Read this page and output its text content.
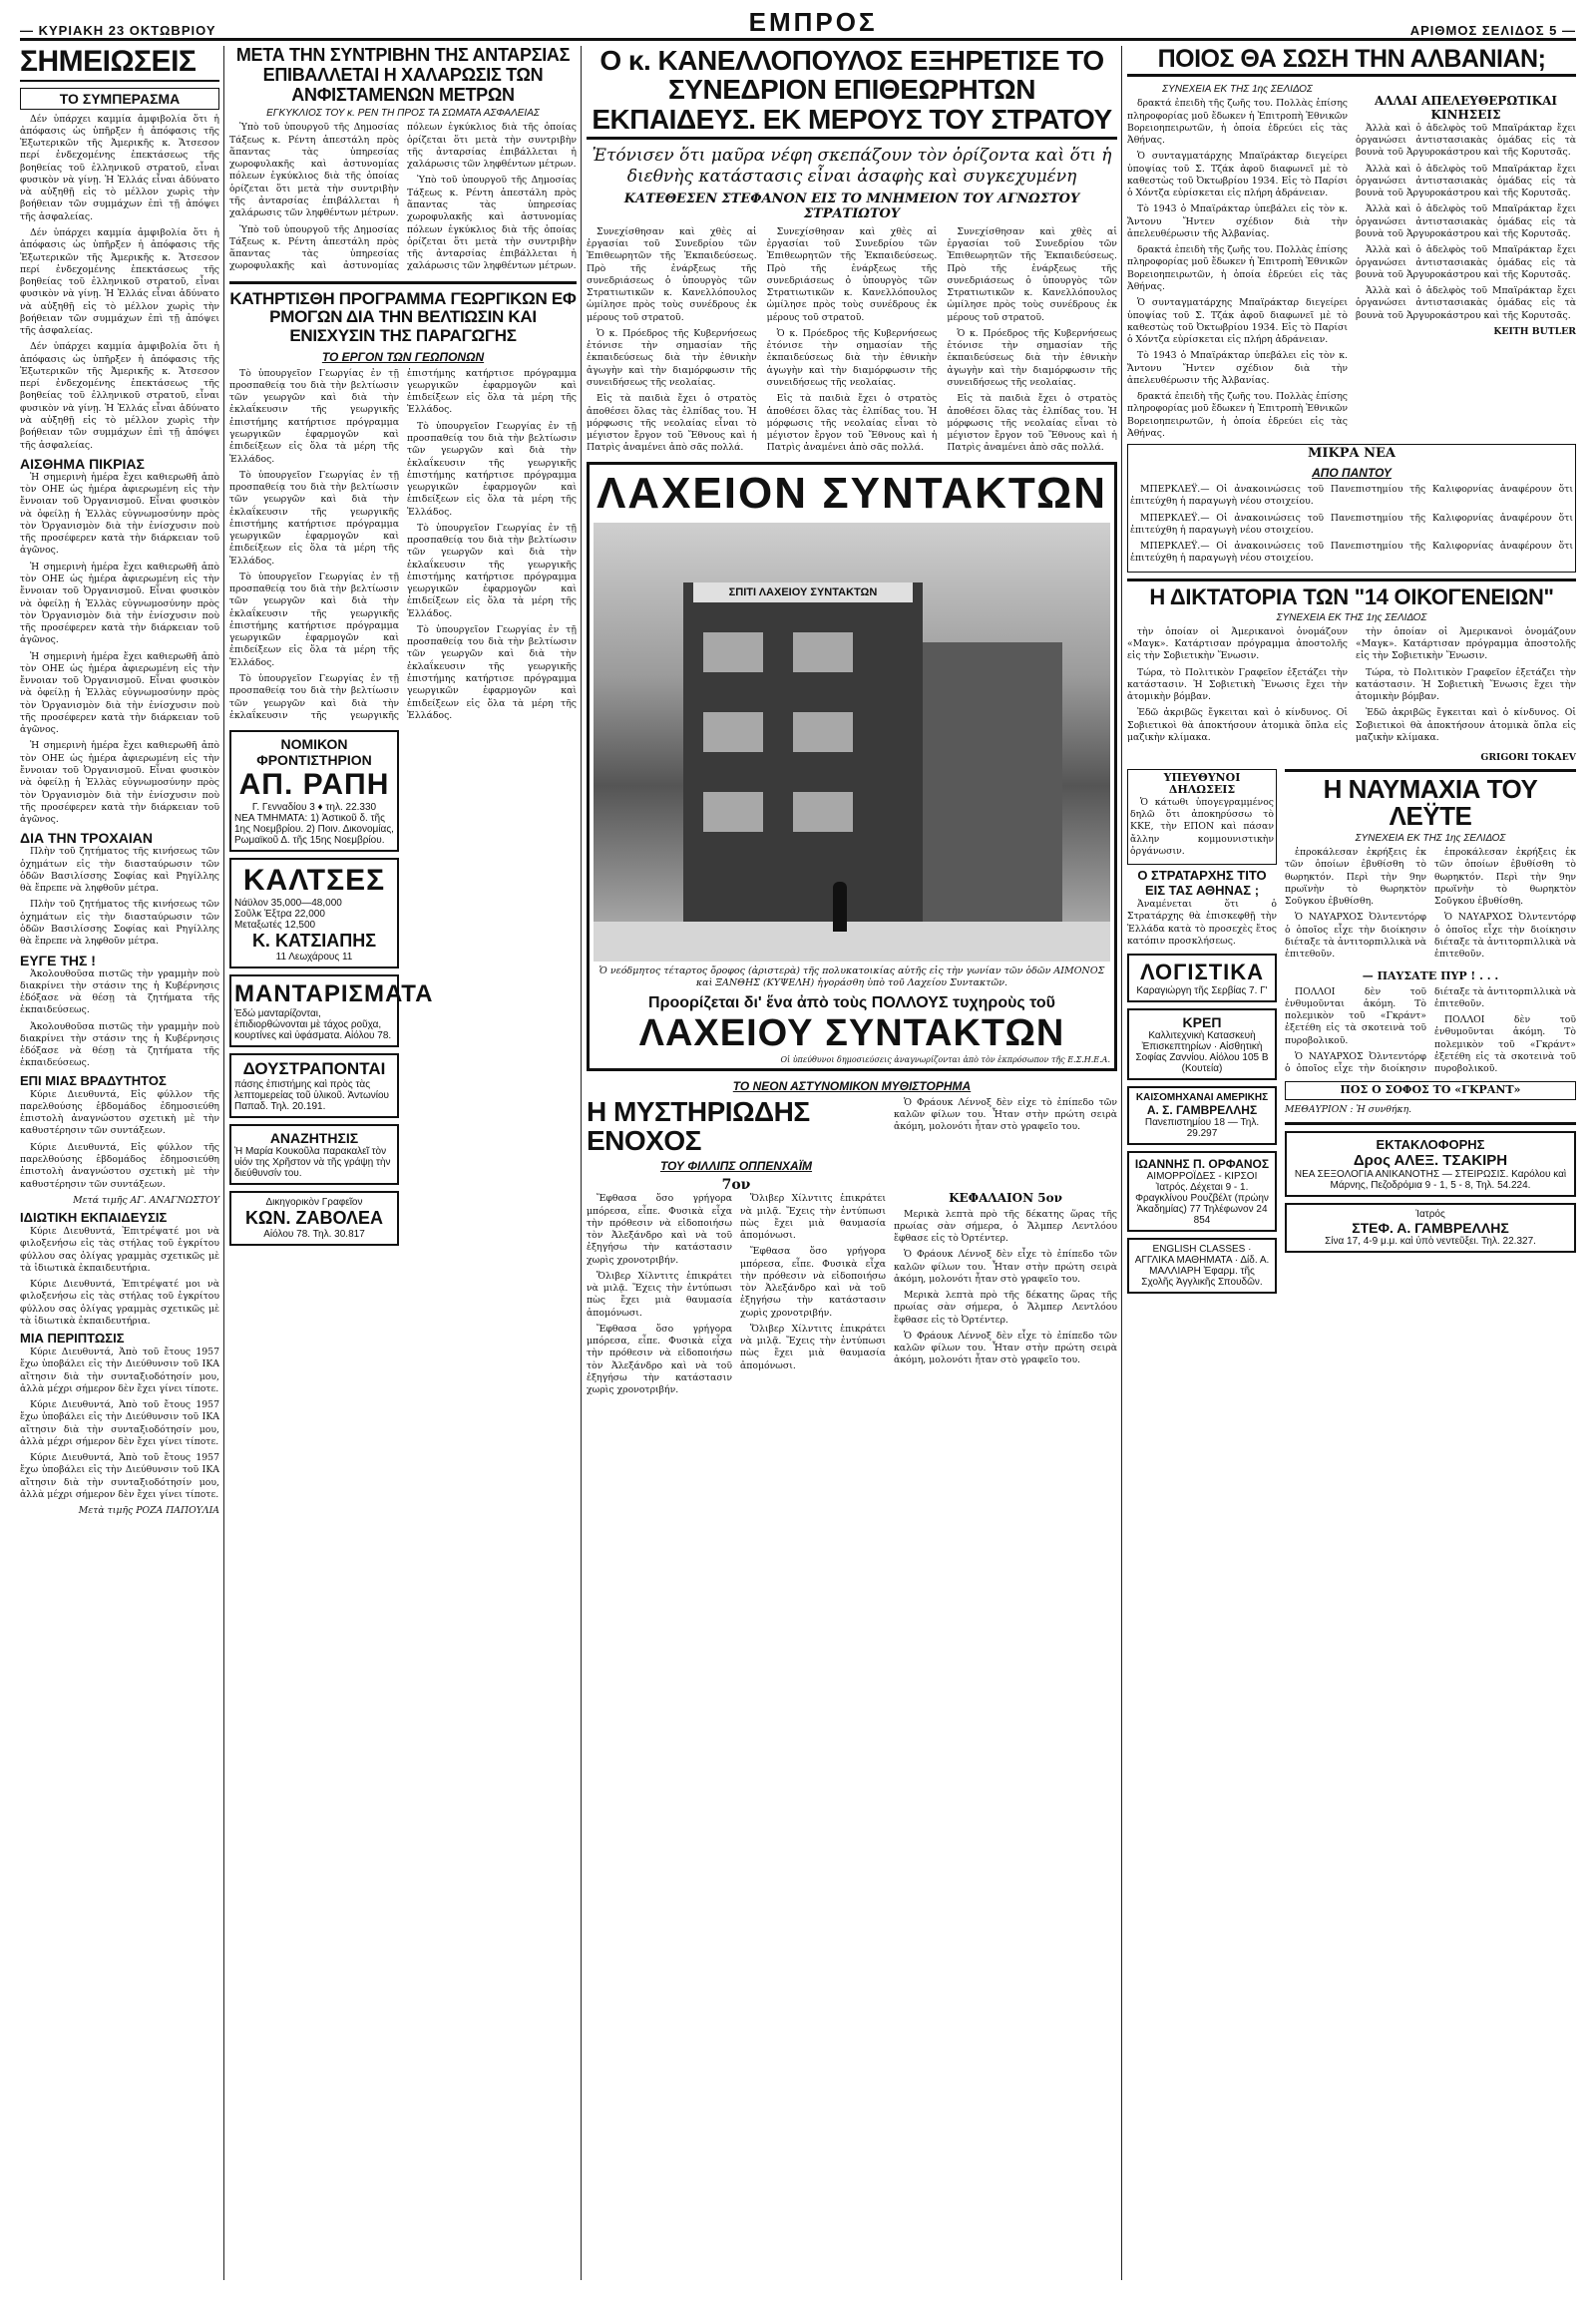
— ΚΥΡΙΑΚΗ 23 ΟΚΤΩΒΡΙΟΥ	ΕΜΠΡΟΣ	ΑΡΙΘΜΟΣ ΣΕΛΙΔΟΣ 5 —
ΣΗΜΕΙΩΣΕΙΣ
ΤΟ ΣΥΜΠΕΡΑΣΜΑ

Δέν ὑπάρχει καμμία ἀμφιβολία ὅτι ἡ ἀπόφασις ὡς ὑπῆρξεν ἡ ἀπόφασις τῆς Ἐξωτερικῶν τῆς Ἀμερικῆς κ. Ἄτσεσον περί ἐνδεχομένης ἐπεκτάσεως τῆς βοηθείας τοῦ ἑλληνικοῦ στρατοῦ, εἶναι φυσικὸν νὰ γίνῃ. Ἡ Ἑλλάς εἶναι ἀδύνατο νὰ αὐξηθῇ εἰς τὸ μέλλον χωρὶς τὴν βοήθειαν τῶν συμμάχων ἐπὶ τῇ ἀπόψει τῆς ἀσφαλείας.

Δέν ὑπάρχει καμμία ἀμφιβολία ὅτι ἡ ἀπόφασις ὡς ὑπῆρξεν ἡ ἀπόφασις τῆς Ἐξωτερικῶν τῆς Ἀμερικῆς κ. Ἄτσεσον περί ἐνδεχομένης ἐπεκτάσεως τῆς βοηθείας τοῦ ἑλληνικοῦ στρατοῦ, εἶναι φυσικὸν νὰ γίνῃ. Ἡ Ἑλλάς εἶναι ἀδύνατο νὰ αὐξηθῇ εἰς τὸ μέλλον χωρὶς τὴν βοήθειαν τῶν συμμάχων ἐπὶ τῇ ἀπόψει τῆς ἀσφαλείας.

Δέν ὑπάρχει καμμία ἀμφιβολία ὅτι ἡ ἀπόφασις ὡς ὑπῆρξεν ἡ ἀπόφασις τῆς Ἐξωτερικῶν τῆς Ἀμερικῆς κ. Ἄτσεσον περί ἐνδεχομένης ἐπεκτάσεως τῆς βοηθείας τοῦ ἑλληνικοῦ στρατοῦ, εἶναι φυσικὸν νὰ γίνῃ. Ἡ Ἑλλάς εἶναι ἀδύνατο νὰ αὐξηθῇ εἰς τὸ μέλλον χωρὶς τὴν βοήθειαν τῶν συμμάχων ἐπὶ τῇ ἀπόψει τῆς ἀσφαλείας.

ΑΙΣΘΗΜΑ ΠΙΚΡΙΑΣ

Ἡ σημερινὴ ἡμέρα ἔχει καθιερωθῆ ἀπὸ τὸν ΟΗΕ ὡς ἡμέρα ἀφιερωμένη εἰς τὴν ἔννοιαν τοῦ Ὀργανισμοῦ. Εἶναι φυσικὸν νὰ ὀφείλῃ ἡ Ἑλλὰς εὐγνωμοσύνην πρὸς τὸν Ὀργανισμὸν διὰ τὴν ἐνίσχυσιν ποὺ τῆς προσέφερεν κατὰ τὴν διάρκειαν τοῦ ἀγῶνος.

Ἡ σημερινὴ ἡμέρα ἔχει καθιερωθῆ ἀπὸ τὸν ΟΗΕ ὡς ἡμέρα ἀφιερωμένη εἰς τὴν ἔννοιαν τοῦ Ὀργανισμοῦ. Εἶναι φυσικὸν νὰ ὀφείλῃ ἡ Ἑλλὰς εὐγνωμοσύνην πρὸς τὸν Ὀργανισμὸν διὰ τὴν ἐνίσχυσιν ποὺ τῆς προσέφερεν κατὰ τὴν διάρκειαν τοῦ ἀγῶνος.

Ἡ σημερινὴ ἡμέρα ἔχει καθιερωθῆ ἀπὸ τὸν ΟΗΕ ὡς ἡμέρα ἀφιερωμένη εἰς τὴν ἔννοιαν τοῦ Ὀργανισμοῦ. Εἶναι φυσικὸν νὰ ὀφείλῃ ἡ Ἑλλὰς εὐγνωμοσύνην πρὸς τὸν Ὀργανισμὸν διὰ τὴν ἐνίσχυσιν ποὺ τῆς προσέφερεν κατὰ τὴν διάρκειαν τοῦ ἀγῶνος.

Ἡ σημερινὴ ἡμέρα ἔχει καθιερωθῆ ἀπὸ τὸν ΟΗΕ ὡς ἡμέρα ἀφιερωμένη εἰς τὴν ἔννοιαν τοῦ Ὀργανισμοῦ. Εἶναι φυσικὸν νὰ ὀφείλῃ ἡ Ἑλλὰς εὐγνωμοσύνην πρὸς τὸν Ὀργανισμὸν διὰ τὴν ἐνίσχυσιν ποὺ τῆς προσέφερεν κατὰ τὴν διάρκειαν τοῦ ἀγῶνος.

ΔΙΑ ΤΗΝ ΤΡΟΧΑΙΑΝ

Πλὴν τοῦ ζητήματος τῆς κινήσεως τῶν ὀχημάτων εἰς τὴν διασταύρωσιν τῶν ὁδῶν Βασιλίσσης Σοφίας καὶ Ρηγίλλης θὰ ἔπρεπε νὰ ληφθοῦν μέτρα.

Πλὴν τοῦ ζητήματος τῆς κινήσεως τῶν ὀχημάτων εἰς τὴν διασταύρωσιν τῶν ὁδῶν Βασιλίσσης Σοφίας καὶ Ρηγίλλης θὰ ἔπρεπε νὰ ληφθοῦν μέτρα.

ΕΥΓΕ ΤΗΣ !

Ἀκολουθοῦσα πιστῶς τὴν γραμμὴν ποὺ διακρίνει τὴν στάσιν της ἡ Κυβέρνησις ἐδόξασε νὰ θέσῃ τὰ ζητήματα τῆς ἐκπαιδεύσεως.

Ἀκολουθοῦσα πιστῶς τὴν γραμμὴν ποὺ διακρίνει τὴν στάσιν της ἡ Κυβέρνησις ἐδόξασε νὰ θέσῃ τὰ ζητήματα τῆς ἐκπαιδεύσεως.

ΕΠΙ ΜΙΑΣ ΒΡΑΔΥΤΗΤΟΣ

Κύριε Διευθυντά, Εἰς φύλλον τῆς παρελθούσης ἑβδομάδος ἐδημοσιεύθη ἐπιστολὴ ἀναγνώστου σχετικὴ μὲ τὴν καθυστέρησιν τῶν συντάξεων.

Κύριε Διευθυντά, Εἰς φύλλον τῆς παρελθούσης ἑβδομάδος ἐδημοσιεύθη ἐπιστολὴ ἀναγνώστου σχετικὴ μὲ τὴν καθυστέρησιν τῶν συντάξεων.

Μετά τιμῆς ΑΓ. ΑΝΑΓΝΩΣΤΟΥ
ΙΔΙΩΤΙΚΗ ΕΚΠΑΙΔΕΥΣΙΣ

Κύριε Διευθυντά, Ἐπιτρέψατέ μοι νὰ φιλοξενήσω εἰς τὰς στήλας τοῦ ἐγκρίτου φύλλου σας ὀλίγας γραμμὰς σχετικῶς μὲ τὰ ἰδιωτικὰ ἐκπαιδευτήρια.

Κύριε Διευθυντά, Ἐπιτρέψατέ μοι νὰ φιλοξενήσω εἰς τὰς στήλας τοῦ ἐγκρίτου φύλλου σας ὀλίγας γραμμὰς σχετικῶς μὲ τὰ ἰδιωτικὰ ἐκπαιδευτήρια.

ΜΙΑ ΠΕΡΙΠΤΩΣΙΣ

Κύριε Διευθυντά, Ἀπὸ τοῦ ἔτους 1957 ἔχω ὑποβάλει εἰς τὴν Διεύθυνσιν τοῦ ΙΚΑ αἴτησιν διὰ τὴν συνταξιοδότησίν μου, ἀλλὰ μέχρι σήμερον δὲν ἔχει γίνει τίποτε.

Κύριε Διευθυντά, Ἀπὸ τοῦ ἔτους 1957 ἔχω ὑποβάλει εἰς τὴν Διεύθυνσιν τοῦ ΙΚΑ αἴτησιν διὰ τὴν συνταξιοδότησίν μου, ἀλλὰ μέχρι σήμερον δὲν ἔχει γίνει τίποτε.

Κύριε Διευθυντά, Ἀπὸ τοῦ ἔτους 1957 ἔχω ὑποβάλει εἰς τὴν Διεύθυνσιν τοῦ ΙΚΑ αἴτησιν διὰ τὴν συνταξιοδότησίν μου, ἀλλὰ μέχρι σήμερον δὲν ἔχει γίνει τίποτε.

Μετὰ τιμῆς ΡΟΖΑ ΠΑΠΟΥΛΙΑ
ΜΕΤΑ ΤΗΝ ΣΥΝΤΡΙΒΗΝ ΤΗΣ ΑΝΤΑΡΣΙΑΣ ΕΠΙΒΑΛΛΕΤΑΙ Η ΧΑΛΑΡΩΣΙΣ ΤΩΝ ΑΝΦΙΣΤΑΜΕΝΩΝ ΜΕΤΡΩΝ
ΕΓΚΥΚΛΙΟΣ ΤΟΥ κ. ΡΕΝ ΤΗ ΠΡΟΣ ΤΑ ΣΩΜΑΤΑ ΑΣΦΑΛΕΙΑΣ

Ὑπὸ τοῦ ὑπουργοῦ τῆς Δημοσίας Τάξεως κ. Ρέντη ἀπεστάλη πρὸς ἅπαντας τὰς ὑπηρεσίας χωροφυλακῆς καὶ ἀστυνομίας πόλεων ἐγκύκλιος διὰ τῆς ὁποίας ὁρίζεται ὅτι μετὰ τὴν συντριβὴν τῆς ἀνταρσίας ἐπιβάλλεται ἡ χαλάρωσις τῶν ληφθέντων μέτρων.

Ὑπὸ τοῦ ὑπουργοῦ τῆς Δημοσίας Τάξεως κ. Ρέντη ἀπεστάλη πρὸς ἅπαντας τὰς ὑπηρεσίας χωροφυλακῆς καὶ ἀστυνομίας πόλεων ἐγκύκλιος διὰ τῆς ὁποίας ὁρίζεται ὅτι μετὰ τὴν συντριβὴν τῆς ἀνταρσίας ἐπιβάλλεται ἡ χαλάρωσις τῶν ληφθέντων μέτρων.

Ὑπὸ τοῦ ὑπουργοῦ τῆς Δημοσίας Τάξεως κ. Ρέντη ἀπεστάλη πρὸς ἅπαντας τὰς ὑπηρεσίας χωροφυλακῆς καὶ ἀστυνομίας πόλεων ἐγκύκλιος διὰ τῆς ὁποίας ὁρίζεται ὅτι μετὰ τὴν συντριβὴν τῆς ἀνταρσίας ἐπιβάλλεται ἡ χαλάρωσις τῶν ληφθέντων μέτρων.

ΚΑΤΗΡΤΙΣΘΗ ΠΡΟΓΡΑΜΜΑ ΓΕΩΡΓΙΚΩΝ ΕΦ ΡΜΟΓΩΝ ΔΙΑ ΤΗΝ ΒΕΛΤΙΩΣΙΝ ΚΑΙ ΕΝΙΣΧΥΣΙΝ ΤΗΣ ΠΑΡΑΓΩΓΗΣ
ΤΟ ΕΡΓΟΝ ΤΩΝ ΓΕΩΠΟΝΩΝ

Τὸ ὑπουργεῖον Γεωργίας ἐν τῇ προσπαθείᾳ του διὰ τὴν βελτίωσιν τῶν γεωργῶν καὶ διὰ τὴν ἐκλαΐκευσιν τῆς γεωργικῆς ἐπιστήμης κατήρτισε πρόγραμμα γεωργικῶν ἐφαρμογῶν καὶ ἐπιδείξεων εἰς ὅλα τὰ μέρη τῆς Ἑλλάδος.

Τὸ ὑπουργεῖον Γεωργίας ἐν τῇ προσπαθείᾳ του διὰ τὴν βελτίωσιν τῶν γεωργῶν καὶ διὰ τὴν ἐκλαΐκευσιν τῆς γεωργικῆς ἐπιστήμης κατήρτισε πρόγραμμα γεωργικῶν ἐφαρμογῶν καὶ ἐπιδείξεων εἰς ὅλα τὰ μέρη τῆς Ἑλλάδος.

Τὸ ὑπουργεῖον Γεωργίας ἐν τῇ προσπαθείᾳ του διὰ τὴν βελτίωσιν τῶν γεωργῶν καὶ διὰ τὴν ἐκλαΐκευσιν τῆς γεωργικῆς ἐπιστήμης κατήρτισε πρόγραμμα γεωργικῶν ἐφαρμογῶν καὶ ἐπιδείξεων εἰς ὅλα τὰ μέρη τῆς Ἑλλάδος.

Τὸ ὑπουργεῖον Γεωργίας ἐν τῇ προσπαθείᾳ του διὰ τὴν βελτίωσιν τῶν γεωργῶν καὶ διὰ τὴν ἐκλαΐκευσιν τῆς γεωργικῆς ἐπιστήμης κατήρτισε πρόγραμμα γεωργικῶν ἐφαρμογῶν καὶ ἐπιδείξεων εἰς ὅλα τὰ μέρη τῆς Ἑλλάδος.

Τὸ ὑπουργεῖον Γεωργίας ἐν τῇ προσπαθείᾳ του διὰ τὴν βελτίωσιν τῶν γεωργῶν καὶ διὰ τὴν ἐκλαΐκευσιν τῆς γεωργικῆς ἐπιστήμης κατήρτισε πρόγραμμα γεωργικῶν ἐφαρμογῶν καὶ ἐπιδείξεων εἰς ὅλα τὰ μέρη τῆς Ἑλλάδος.

Τὸ ὑπουργεῖον Γεωργίας ἐν τῇ προσπαθείᾳ του διὰ τὴν βελτίωσιν τῶν γεωργῶν καὶ διὰ τὴν ἐκλαΐκευσιν τῆς γεωργικῆς ἐπιστήμης κατήρτισε πρόγραμμα γεωργικῶν ἐφαρμογῶν καὶ ἐπιδείξεων εἰς ὅλα τὰ μέρη τῆς Ἑλλάδος.

Τὸ ὑπουργεῖον Γεωργίας ἐν τῇ προσπαθείᾳ του διὰ τὴν βελτίωσιν τῶν γεωργῶν καὶ διὰ τὴν ἐκλαΐκευσιν τῆς γεωργικῆς ἐπιστήμης κατήρτισε πρόγραμμα γεωργικῶν ἐφαρμογῶν καὶ ἐπιδείξεων εἰς ὅλα τὰ μέρη τῆς Ἑλλάδος.

ΝΟΜΙΚΟΝ ΦΡΟΝΤΙΣΤΗΡΙΟΝ
ΑΠ. ΡΑΠΗ
Γ. Γενναδίου 3 ♦ τηλ. 22.330
ΝΕΑ ΤΜΗΜΑΤΑ: 1) Ἀστικοῦ δ. τῆς 1ης Νοεμβρίου. 2) Ποιν. Δικονομίας, Ρωμαϊκοῦ Δ. τῆς 15ης Νοεμβρίου.
ΚΑΛΤΣΕΣ
Νάϋλον 35,000—48,000
Σοῦλκ Ἐξτρα 22,000
Μεταξωτές 12,500
Κ. ΚΑΤΣΙΑΠΗΣ
11 Λεωχάρους 11
ΜΑΝΤΑΡΙΣΜΑΤΑ
Ἐδώ μανταρίζονται, ἐπιδιορθώνονται μὲ τάχος ροῦχα, κουρτίνες καὶ ὑφάσματα. Αἰόλου 78.
ΔΟΥΣΤΡΑΠΟΝΤΑΙ
πάσης ἐπιστήμης καὶ πρὸς τὰς λεπτομερείας τοῦ ὑλικοῦ. Ἀντωνίου Παπαδ. Τηλ. 20.191.
ΑΝΑΖΗΤΗΣΙΣ
Ἡ Μαρία Κουκοῦλα παρακαλεῖ τὸν υἱόν της Χρῆστον νὰ τῆς γράψῃ τὴν διεύθυνσίν του.
Δικηγορικὸν Γραφεῖον
ΚΩΝ. ΖΑΒΟΛΕΑ
Αἰόλου 78. Τηλ. 30.817
Ο κ. ΚΑΝΕΛΛΟΠΟΥΛΟΣ ΕΞΗΡΕΤΙΣΕ ΤΟ ΣΥΝΕΔΡΙΟΝ ΕΠΙΘΕΩΡΗΤΩΝ ΕΚΠΑΙΔΕΥΣ. ΕΚ ΜΕΡΟΥΣ ΤΟΥ ΣΤΡΑΤΟΥ
Ἐτόνισεν ὅτι μαῦρα νέφη σκεπάζουν τὸν ὁρίζοντα καὶ ὅτι ἡ διεθνὴς κατάστασις εἶναι ἀσαφὴς καὶ συγκεχυμένη
ΚΑΤΕΘΕΣΕΝ ΣΤΕΦΑΝΟΝ ΕΙΣ ΤΟ ΜΝΗΜΕΙΟΝ ΤΟΥ ΑΓΝΩΣΤΟΥ ΣΤΡΑΤΙΩΤΟΥ

Συνεχίσθησαν καὶ χθὲς αἱ ἐργασίαι τοῦ Συνεδρίου τῶν Ἐπιθεωρητῶν τῆς Ἐκπαιδεύσεως. Πρὸ τῆς ἐνάρξεως τῆς συνεδριάσεως ὁ ὑπουργὸς τῶν Στρατιωτικῶν κ. Κανελλόπουλος ὡμίλησε πρὸς τοὺς συνέδρους ἐκ μέρους τοῦ στρατοῦ.

Ὁ κ. Πρόεδρος τῆς Κυβερνήσεως ἐτόνισε τὴν σημασίαν τῆς ἐκπαιδεύσεως διὰ τὴν ἐθνικὴν ἀγωγὴν καὶ τὴν διαμόρφωσιν τῆς συνειδήσεως τῆς νεολαίας.

Εἰς τὰ παιδιὰ ἔχει ὁ στρατὸς ἀποθέσει ὅλας τὰς ἐλπίδας του. Ἡ μόρφωσις τῆς νεολαίας εἶναι τὸ μέγιστον ἔργον τοῦ Ἔθνους καὶ ἡ Πατρὶς ἀναμένει ἀπὸ σᾶς πολλά.

Συνεχίσθησαν καὶ χθὲς αἱ ἐργασίαι τοῦ Συνεδρίου τῶν Ἐπιθεωρητῶν τῆς Ἐκπαιδεύσεως. Πρὸ τῆς ἐνάρξεως τῆς συνεδριάσεως ὁ ὑπουργὸς τῶν Στρατιωτικῶν κ. Κανελλόπουλος ὡμίλησε πρὸς τοὺς συνέδρους ἐκ μέρους τοῦ στρατοῦ.

Ὁ κ. Πρόεδρος τῆς Κυβερνήσεως ἐτόνισε τὴν σημασίαν τῆς ἐκπαιδεύσεως διὰ τὴν ἐθνικὴν ἀγωγὴν καὶ τὴν διαμόρφωσιν τῆς συνειδήσεως τῆς νεολαίας.

Εἰς τὰ παιδιὰ ἔχει ὁ στρατὸς ἀποθέσει ὅλας τὰς ἐλπίδας του. Ἡ μόρφωσις τῆς νεολαίας εἶναι τὸ μέγιστον ἔργον τοῦ Ἔθνους καὶ ἡ Πατρὶς ἀναμένει ἀπὸ σᾶς πολλά.

Συνεχίσθησαν καὶ χθὲς αἱ ἐργασίαι τοῦ Συνεδρίου τῶν Ἐπιθεωρητῶν τῆς Ἐκπαιδεύσεως. Πρὸ τῆς ἐνάρξεως τῆς συνεδριάσεως ὁ ὑπουργὸς τῶν Στρατιωτικῶν κ. Κανελλόπουλος ὡμίλησε πρὸς τοὺς συνέδρους ἐκ μέρους τοῦ στρατοῦ.

Ὁ κ. Πρόεδρος τῆς Κυβερνήσεως ἐτόνισε τὴν σημασίαν τῆς ἐκπαιδεύσεως διὰ τὴν ἐθνικὴν ἀγωγὴν καὶ τὴν διαμόρφωσιν τῆς συνειδήσεως τῆς νεολαίας.

Εἰς τὰ παιδιὰ ἔχει ὁ στρατὸς ἀποθέσει ὅλας τὰς ἐλπίδας του. Ἡ μόρφωσις τῆς νεολαίας εἶναι τὸ μέγιστον ἔργον τοῦ Ἔθνους καὶ ἡ Πατρὶς ἀναμένει ἀπὸ σᾶς πολλά.

ΛΑΧΕΙΟΝ ΣΥΝΤΑΚΤΩΝ
ΣΠΙΤΙ ΛΑΧΕΙΟΥ ΣΥΝΤΑΚΤΩΝ
Ὁ νεόδμητος τέταρτος ὄροφος (ἀριστερὰ) τῆς πολυκατοικίας αὐτῆς εἰς τὴν γωνίαν τῶν ὁδῶν ΑΙΜΟΝΟΣ καὶ ΞΑΝΘΗΣ (ΚΥΨΕΛΗ) ἠγοράσθη ὑπὸ τοῦ Λαχείου Συντακτῶν.
Προορίζεται δι' ἕνα ἀπὸ τοὺς ΠΟΛΛΟΥΣ τυχηροὺς τοῦ
ΛΑΧΕΙΟΥ ΣΥΝΤΑΚΤΩΝ
Οἱ ὑπεύθυνοι δημοσιεύσεις ἀναγνωρίζονται ἀπὸ τὸν ἐκπρόσωπον τῆς Ε.Σ.Η.Ε.Α.
ΤΟ ΝΕΟΝ ΑΣΤΥΝΟΜΙΚΟΝ ΜΥΘΙΣΤΟΡΗΜΑ
Η ΜΥΣΤΗΡΙΩΔΗΣ ΕΝΟΧΟΣ
ΤΟΥ ΦΙΛΛΙΠΣ ΟΠΠΕΝΧΑΪΜ
7ον

Ἔφθασα ὅσο γρήγορα μπόρεσα, εἶπε. Φυσικὰ εἶχα τὴν πρόθεσιν νὰ εἰδοποιήσω τὸν Ἀλεξάνδρο καὶ νὰ τοῦ ἐξηγήσω τὴν κατάστασιν χωρὶς χρονοτριβήν.

Ὅλιβερ Χίλντιτς ἐπικράτει νὰ μιλᾷ. Ἔχεις τὴν ἐντύπωσι πὼς ἔχει μιὰ θαυμασία ἀπομόνωσι.

Ἔφθασα ὅσο γρήγορα μπόρεσα, εἶπε. Φυσικὰ εἶχα τὴν πρόθεσιν νὰ εἰδοποιήσω τὸν Ἀλεξάνδρο καὶ νὰ τοῦ ἐξηγήσω τὴν κατάστασιν χωρὶς χρονοτριβήν.

Ὅλιβερ Χίλντιτς ἐπικράτει νὰ μιλᾷ. Ἔχεις τὴν ἐντύπωσι πὼς ἔχει μιὰ θαυμασία ἀπομόνωσι.

Ἔφθασα ὅσο γρήγορα μπόρεσα, εἶπε. Φυσικὰ εἶχα τὴν πρόθεσιν νὰ εἰδοποιήσω τὸν Ἀλεξάνδρο καὶ νὰ τοῦ ἐξηγήσω τὴν κατάστασιν χωρὶς χρονοτριβήν.

Ὅλιβερ Χίλντιτς ἐπικράτει νὰ μιλᾷ. Ἔχεις τὴν ἐντύπωσι πὼς ἔχει μιὰ θαυμασία ἀπομόνωσι.

Ὁ Φράουκ Λέννοξ δὲν εἶχε τὸ ἐπίπεδο τῶν καλῶν φίλων του. Ἦταν στὴν πρώτη σειρὰ ἀκόμη, μολονότι ἦταν στὸ γραφεῖο του.

ΚΕΦΑΛΑΙΟΝ 5ον

Μερικὰ λεπτὰ πρὸ τῆς δέκατης ὥρας τῆς πρωίας σὰν σήμερα, ὁ Ἄλμπερ Λεντλόου ἔφθασε εἰς τὸ Ὀρτέντερ.

Ὁ Φράουκ Λέννοξ δὲν εἶχε τὸ ἐπίπεδο τῶν καλῶν φίλων του. Ἦταν στὴν πρώτη σειρὰ ἀκόμη, μολονότι ἦταν στὸ γραφεῖο του.

Μερικὰ λεπτὰ πρὸ τῆς δέκατης ὥρας τῆς πρωίας σὰν σήμερα, ὁ Ἄλμπερ Λεντλόου ἔφθασε εἰς τὸ Ὀρτέντερ.

Ὁ Φράουκ Λέννοξ δὲν εἶχε τὸ ἐπίπεδο τῶν καλῶν φίλων του. Ἦταν στὴν πρώτη σειρὰ ἀκόμη, μολονότι ἦταν στὸ γραφεῖο του.

ΠΟΙΟΣ ΘΑ ΣΩΣΗ ΤΗΝ ΑΛΒΑΝΙΑΝ;
ΣΥΝΕΧΕΙΑ ΕΚ ΤΗΣ 1ης ΣΕΛΙΔΟΣ

δρακτά ἐπειδὴ τῆς ζωῆς του. Πολλὰς ἐπίσης πληροφορίας μοῦ ἔδωκεν ἡ Ἐπιτροπὴ Ἐθνικῶν Βορειοηπειρωτῶν, ἡ ὁποία ἐδρεύει εἰς τὰς Ἀθήνας.

Ὁ συνταγματάρχης Μπαϊράκταρ διεγείρει ὑποψίας τοῦ Σ. Τζάκ ἀφοῦ διαφωνεῖ μὲ τὸ καθεστὼς τοῦ Ὀκτωβρίου 1934. Εἰς τὸ Παρίσι ὁ Χόντζα εὑρίσκεται εἰς πλήρη ἀδράνειαν.

Τὸ 1943 ὁ Μπαϊράκταρ ὑπεβάλει εἰς τὸν κ. Ἄντονυ Ἤντεν σχέδιον διὰ τὴν ἀπελευθέρωσιν τῆς Ἀλβανίας.

δρακτά ἐπειδὴ τῆς ζωῆς του. Πολλὰς ἐπίσης πληροφορίας μοῦ ἔδωκεν ἡ Ἐπιτροπὴ Ἐθνικῶν Βορειοηπειρωτῶν, ἡ ὁποία ἐδρεύει εἰς τὰς Ἀθήνας.

Ὁ συνταγματάρχης Μπαϊράκταρ διεγείρει ὑποψίας τοῦ Σ. Τζάκ ἀφοῦ διαφωνεῖ μὲ τὸ καθεστὼς τοῦ Ὀκτωβρίου 1934. Εἰς τὸ Παρίσι ὁ Χόντζα εὑρίσκεται εἰς πλήρη ἀδράνειαν.

Τὸ 1943 ὁ Μπαϊράκταρ ὑπεβάλει εἰς τὸν κ. Ἄντονυ Ἤντεν σχέδιον διὰ τὴν ἀπελευθέρωσιν τῆς Ἀλβανίας.

δρακτά ἐπειδὴ τῆς ζωῆς του. Πολλὰς ἐπίσης πληροφορίας μοῦ ἔδωκεν ἡ Ἐπιτροπὴ Ἐθνικῶν Βορειοηπειρωτῶν, ἡ ὁποία ἐδρεύει εἰς τὰς Ἀθήνας.

ΑΛΛΑΙ ΑΠΕΛΕΥΘΕΡΩΤΙΚΑΙ ΚΙΝΗΣΕΙΣ

Ἀλλὰ καὶ ὁ ἀδελφὸς τοῦ Μπαϊράκταρ ἔχει ὀργανώσει ἀντιστασιακὰς ὁμάδας εἰς τὰ βουνὰ τοῦ Ἀργυροκάστρου καὶ τῆς Κορυτσᾶς.

Ἀλλὰ καὶ ὁ ἀδελφὸς τοῦ Μπαϊράκταρ ἔχει ὀργανώσει ἀντιστασιακὰς ὁμάδας εἰς τὰ βουνὰ τοῦ Ἀργυροκάστρου καὶ τῆς Κορυτσᾶς.

Ἀλλὰ καὶ ὁ ἀδελφὸς τοῦ Μπαϊράκταρ ἔχει ὀργανώσει ἀντιστασιακὰς ὁμάδας εἰς τὰ βουνὰ τοῦ Ἀργυροκάστρου καὶ τῆς Κορυτσᾶς.

Ἀλλὰ καὶ ὁ ἀδελφὸς τοῦ Μπαϊράκταρ ἔχει ὀργανώσει ἀντιστασιακὰς ὁμάδας εἰς τὰ βουνὰ τοῦ Ἀργυροκάστρου καὶ τῆς Κορυτσᾶς.

Ἀλλὰ καὶ ὁ ἀδελφὸς τοῦ Μπαϊράκταρ ἔχει ὀργανώσει ἀντιστασιακὰς ὁμάδας εἰς τὰ βουνὰ τοῦ Ἀργυροκάστρου καὶ τῆς Κορυτσᾶς.

KEITH BUTLER
ΜΙΚΡΑ ΝΕΑ
ΑΠΟ ΠΑΝΤΟΥ

ΜΠΕΡΚΛΕΫ.— Οἱ ἀνακοινώσεις τοῦ Πανεπιστημίου τῆς Καλιφορνίας ἀναφέρουν ὅτι ἐπιτεύχθη ἡ παραγωγὴ νέου στοιχείου.

ΜΠΕΡΚΛΕΫ.— Οἱ ἀνακοινώσεις τοῦ Πανεπιστημίου τῆς Καλιφορνίας ἀναφέρουν ὅτι ἐπιτεύχθη ἡ παραγωγὴ νέου στοιχείου.

ΜΠΕΡΚΛΕΫ.— Οἱ ἀνακοινώσεις τοῦ Πανεπιστημίου τῆς Καλιφορνίας ἀναφέρουν ὅτι ἐπιτεύχθη ἡ παραγωγὴ νέου στοιχείου.

Η ΔΙΚΤΑΤΟΡΙΑ ΤΩΝ "14 ΟΙΚΟΓΕΝΕΙΩΝ"
ΣΥΝΕΧΕΙΑ ΕΚ ΤΗΣ 1ης ΣΕΛΙΔΟΣ

τὴν ὁποίαν οἱ Ἀμερικανοὶ ὀνομάζουν «Μαγκ». Κατάρτισαν πρόγραμμα ἀποστολῆς εἰς τὴν Σοβιετικὴν Ἕνωσιν.

Τώρα, τὸ Πολιτικὸν Γραφεῖον ἐξετάζει τὴν κατάστασιν. Ἡ Σοβιετικὴ Ἕνωσις ἔχει τὴν ἀτομικὴν βόμβαν.

Ἐδῶ ἀκριβῶς ἔγκειται καὶ ὁ κίνδυνος. Οἱ Σοβιετικοὶ θὰ ἀποκτήσουν ἀτομικὰ ὅπλα εἰς μαζικὴν κλίμακα.

τὴν ὁποίαν οἱ Ἀμερικανοὶ ὀνομάζουν «Μαγκ». Κατάρτισαν πρόγραμμα ἀποστολῆς εἰς τὴν Σοβιετικὴν Ἕνωσιν.

Τώρα, τὸ Πολιτικὸν Γραφεῖον ἐξετάζει τὴν κατάστασιν. Ἡ Σοβιετικὴ Ἕνωσις ἔχει τὴν ἀτομικὴν βόμβαν.

Ἐδῶ ἀκριβῶς ἔγκειται καὶ ὁ κίνδυνος. Οἱ Σοβιετικοὶ θὰ ἀποκτήσουν ἀτομικὰ ὅπλα εἰς μαζικὴν κλίμακα.

GRIGORI TOKAEV
ΥΠΕΥΘΥΝΟΙ ΔΗΛΩΣΕΙΣ

Ὁ κάτωθι ὑπογεγραμμένος δηλῶ ὅτι ἀποκηρύσσω τὸ ΚΚΕ, τὴν ΕΠΟΝ καὶ πάσαν ἄλλην κομμουνιστικὴν ὀργάνωσιν.

Ο ΣΤΡΑΤΑΡΧΗΣ ΤΙΤΟ ΕΙΣ ΤΑΣ ΑΘΗΝΑΣ ;

Ἀναμένεται ὅτι ὁ Στρατάρχης θὰ ἐπισκεφθῇ τὴν Ἑλλάδα κατὰ τὸ προσεχὲς ἔτος κατόπιν προσκλήσεως.

ΛΟΓΙΣΤΙΚΑ
Καραγιώργη τῆς Σερβίας 7. Γ'
ΚΡΕΠ
Καλλιτεχνικὴ Κατασκευὴ Ἐπισκεπτηρίων · Αἰσθητικὴ Σοφίας Ζαννίου. Αἰόλου 105 Β (Κουτεία)
ΚΑΙΣΟΜΗΧΑΝΑΙ ΑΜΕΡΙΚΗΣ
Α. Σ. ΓΑΜΒΡΕΛΛΗΣ
Πανεπιστημίου 18 — Τηλ. 29.297
ΙΩΑΝΝΗΣ Π. ΟΡΦΑΝΟΣ
ΑΙΜΟΡΡΟΪΔΕΣ - ΚΙΡΣΟΙ Ἰατρός. Δέχεται 9 - 1. Φραγκλίνου Ρουζβέλτ (πρώην Ἀκαδημίας) 77 Τηλέφωνον 24 854
ENGLISH CLASSES · ΑΓΓΛΙΚΑ ΜΑΘΗΜΑΤΑ · Δίδ. Α. ΜΑΛΛΙΑΡΗ Ἐφαρμ. τῆς Σχολῆς Ἀγγλικῆς Σπουδῶν.
Η ΝΑΥΜΑΧΙΑ ΤΟΥ ΛΕΫΤΕ
ΣΥΝΕΧΕΙΑ ΕΚ ΤΗΣ 1ης ΣΕΛΙΔΟΣ

ἐπροκάλεσαν ἐκρήξεις ἐκ τῶν ὁποίων ἐβυθίσθη τὸ θωρηκτόν. Περὶ τὴν 9ην πρωϊνὴν τὸ θωρηκτὸν Σοῦγκου ἐβυθίσθη.

Ὁ ΝΑΥΑΡΧΟΣ Ὀλντεντόρφ ὁ ὁποῖος εἶχε τὴν διοίκησιν διέταξε τὰ ἀντιτορπιλλικὰ νὰ ἐπιτεθοῦν.

ἐπροκάλεσαν ἐκρήξεις ἐκ τῶν ὁποίων ἐβυθίσθη τὸ θωρηκτόν. Περὶ τὴν 9ην πρωϊνὴν τὸ θωρηκτὸν Σοῦγκου ἐβυθίσθη.

Ὁ ΝΑΥΑΡΧΟΣ Ὀλντεντόρφ ὁ ὁποῖος εἶχε τὴν διοίκησιν διέταξε τὰ ἀντιτορπιλλικὰ νὰ ἐπιτεθοῦν.

— ΠΑΥΣΑΤΕ ΠΥΡ ! . . .

ΠΟΛΛΟΙ δὲν τοῦ ἐνθυμοῦνται ἀκόμη. Τὸ πολεμικὸν τοῦ «Γκράντ» ἐξετέθη εἰς τὰ σκοτεινὰ τοῦ πυροβολικοῦ.

Ὁ ΝΑΥΑΡΧΟΣ Ὀλντεντόρφ ὁ ὁποῖος εἶχε τὴν διοίκησιν διέταξε τὰ ἀντιτορπιλλικὰ νὰ ἐπιτεθοῦν.

ΠΟΛΛΟΙ δὲν τοῦ ἐνθυμοῦνται ἀκόμη. Τὸ πολεμικὸν τοῦ «Γκράντ» ἐξετέθη εἰς τὰ σκοτεινὰ τοῦ πυροβολικοῦ.

ΠΟΣ Ο ΣΟΦΟΣ ΤΟ «ΓΚΡΑΝΤ»
ΜΕΘΑΥΡΙΟΝ : Ἡ συνθήκη.
ΕΚΤΑΚΛΟΦΟΡΗΣ
Δρος ΑΛΕΞ. ΤΣΑΚΙΡΗ
ΝΕΑ ΣΕΞΟΛΟΓΙΑ ΑΝΙΚΑΝΟΤΗΣ — ΣΤΕΙΡΩΣΙΣ. Καρόλου καὶ Μάρνης, Πεζοδρόμια 9 - 1, 5 - 8, Τηλ. 54.224.
Ἰατρός
ΣΤΕΦ. Α. ΓΑΜΒΡΕΛΛΗΣ
Σίνα 17, 4-9 μ.μ. καὶ ὑπὸ νεντεῦξει. Τηλ. 22.327.
